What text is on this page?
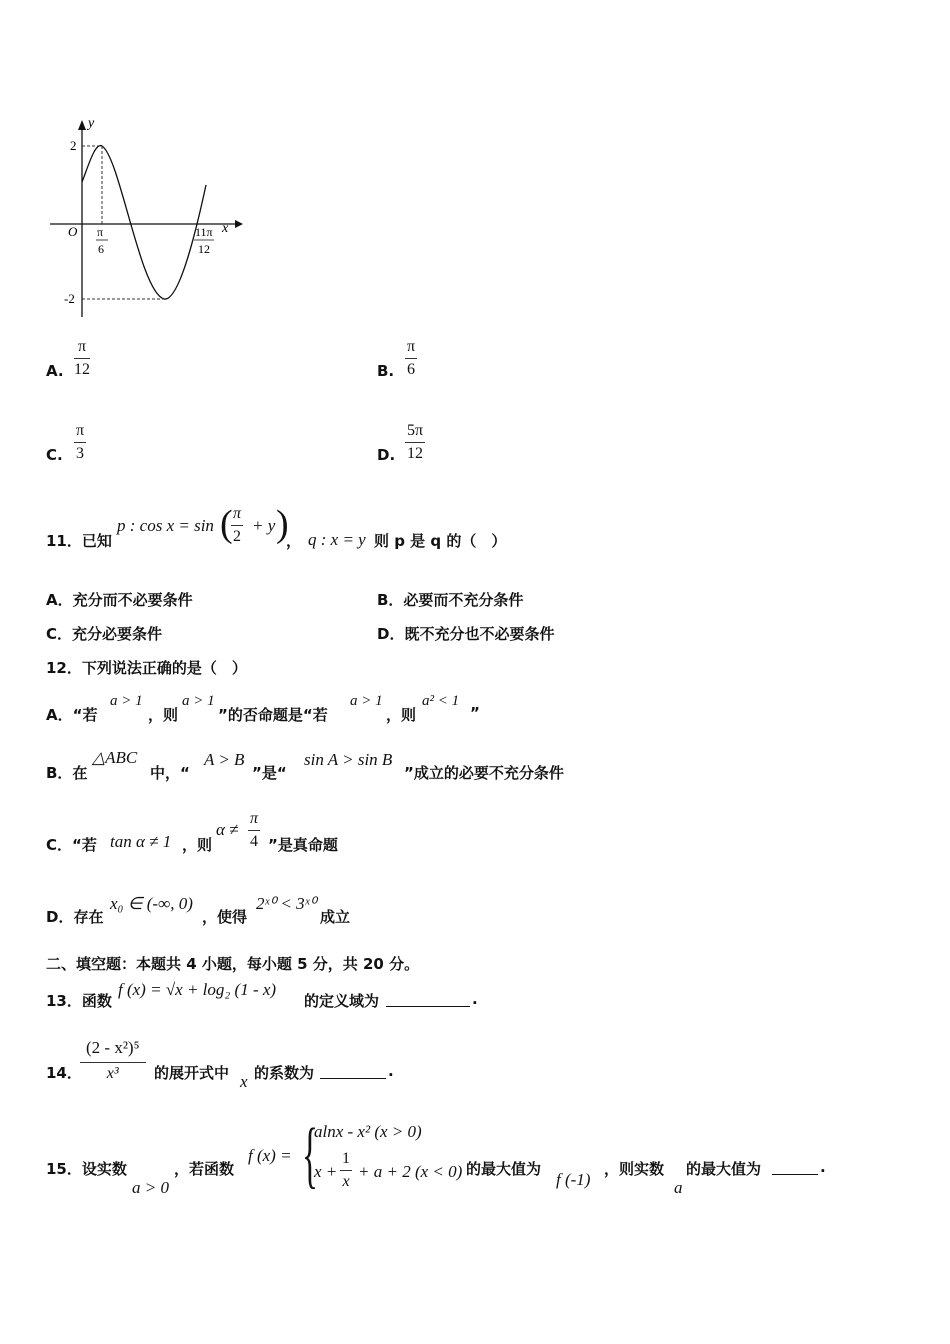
y
x
O
2
-2
π
6
11π
12
A. $\frac{\pi}{12}$	B. $\frac{\pi}{6}$
C. $\frac{\pi}{3}$	D. $\frac{5\pi}{12}$
11．已知
p : cos x = sin (
$\frac{\pi}{2} + y$ )
， q : x = y 则 p 是 q 的（　）
A．充分而不必要条件	B．必要而不充分条件
C．充分必要条件	D．既不充分也不必要条件
12．下列说法正确的是（　）
A．“若
a > 1
，则
a > 1
”的否命题是“若
a > 1
，则
a² < 1
”
B．在
△ABC
中，“
A > B
”是“
sin A > sin B
”成立的必要不充分条件
C．“若 tan α ≠ 1 ，则
$\alpha \ne \frac{\pi}{4}$ ”是真命题
D．存在
x₀ ∈ (-∞, 0)
，使得
2ˣ⁰ < 3ˣ⁰
成立
二、填空题：本题共 4 小题，每小题 5 分，共 20 分。
13．函数
f (x) = √x + log₂ (1 - x)
的定义域为	.
14．
$\frac{\text{(2 - x²)⁵}}{\text{x³}}$ 的展开式中 x 的系数为	.
15．设实数
a > 0
，若函数
f (x) = {
alnx - x² (x > 0)
$x + \frac{1}{x} + a + 2$ (x < 0) 的最大值为
f (-1)
，则实数
a
的最大值为	.
